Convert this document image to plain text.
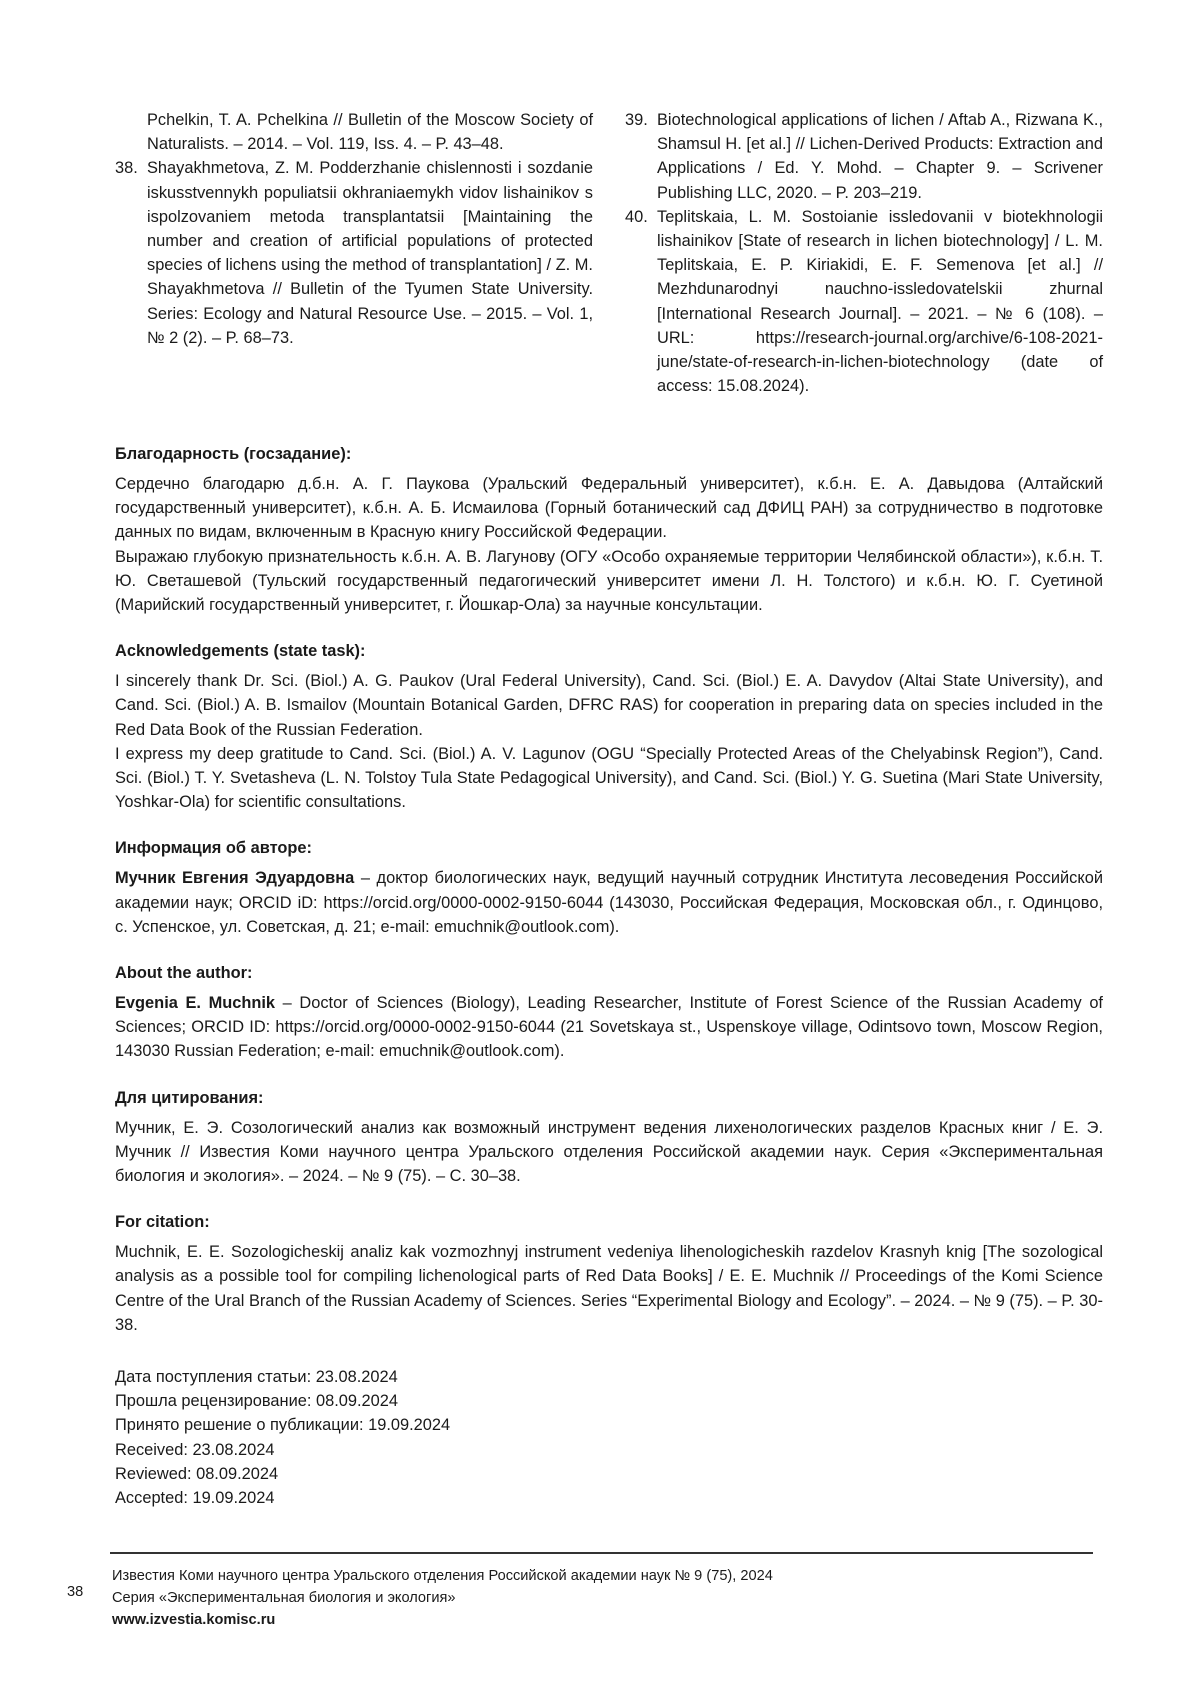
Pchelkin, T. A. Pchelkina // Bulletin of the Moscow Society of Naturalists. – 2014. – Vol. 119, Iss. 4. – P. 43–48.

38. Shayakhmetova, Z. M. Podderzhanie chislennosti i sozdanie iskusstvennykh populiatsii okhraniaemykh vidov lishainikov s ispolzovaniem metoda transplantatsii [Maintaining the number and creation of artificial populations of protected species of lichens using the method of transplantation] / Z. M. Shayakhmetova // Bulletin of the Tyumen State University. Series: Ecology and Natural Resource Use. – 2015. – Vol. 1, № 2 (2). – P. 68–73.

39. Biotechnological applications of lichen / Aftab A., Rizwana K., Shamsul H. [et al.] // Lichen-Derived Products: Extraction and Applications / Ed. Y. Mohd. – Chapter 9. – Scrivener Publishing LLC, 2020. – P. 203–219.

40. Teplitskaia, L. M. Sostoianie issledovanii v biotekhnologii lishainikov [State of research in lichen biotechnology] / L. M. Teplitskaia, E. P. Kiriakidi, E. F. Semenova [et al.] // Mezhdunarodnyi nauchno-issledovatelskii zhurnal [International Research Journal]. – 2021. – № 6 (108). – URL: https://research-journal.org/archive/6-108-2021-june/state-of-research-in-lichen-biotechnology (date of access: 15.08.2024).

Благодарность (госзадание):

Сердечно благодарю д.б.н. А. Г. Паукова (Уральский Федеральный университет), к.б.н. Е. А. Давыдова (Алтайский государственный университет), к.б.н. А. Б. Исмаилова (Горный ботанический сад ДФИЦ РАН) за сотрудничество в подготовке данных по видам, включенным в Красную книгу Российской Федерации.

Выражаю глубокую признательность к.б.н. А. В. Лагунову (ОГУ «Особо охраняемые территории Челябинской области»), к.б.н. Т. Ю. Светашевой (Тульский государственный педагогический университет имени Л. Н. Толстого) и к.б.н. Ю. Г. Суетиной (Марийский государственный университет, г. Йошкар-Ола) за научные консультации.

Acknowledgements (state task):

I sincerely thank Dr. Sci. (Biol.) A. G. Paukov (Ural Federal University), Cand. Sci. (Biol.) E. A. Davydov (Altai State University), and Cand. Sci. (Biol.) A. B. Ismailov (Mountain Botanical Garden, DFRC RAS) for cooperation in preparing data on species included in the Red Data Book of the Russian Federation.

I express my deep gratitude to Cand. Sci. (Biol.) A. V. Lagunov (OGU “Specially Protected Areas of the Chelyabinsk Region”), Cand. Sci. (Biol.) T. Y. Svetasheva (L. N. Tolstoy Tula State Pedagogical University), and Cand. Sci. (Biol.) Y. G. Suetina (Mari State University, Yoshkar-Ola) for scientific consultations.

Информация об авторе:

Мучник Евгения Эдуардовна – доктор биологических наук, ведущий научный сотрудник Института лесоведения Российской академии наук; ORCID iD: https://orcid.org/0000-0002-9150-6044 (143030, Российская Федерация, Московская обл., г. Одинцово, с. Успенское, ул. Советская, д. 21; e-mail: emuchnik@outlook.com).

About the author:

Evgenia E. Muchnik – Doctor of Sciences (Biology), Leading Researcher, Institute of Forest Science of the Russian Academy of Sciences; ORCID ID: https://orcid.org/0000-0002-9150-6044 (21 Sovetskaya st., Uspenskoye village, Odintsovo town, Moscow Region, 143030 Russian Federation; e-mail: emuchnik@outlook.com).

Для цитирования:

Мучник, Е. Э. Созологический анализ как возможный инструмент ведения лихенологических разделов Красных книг / Е. Э. Мучник // Известия Коми научного центра Уральского отделения Российской академии наук. Серия «Экспериментальная биология и экология». – 2024. – № 9 (75). – С. 30–38.

For citation:

Muchnik, E. E. Sozologicheskij analiz kak vozmozhnyj instrument vedeniya lihenologicheskih razdelov Krasnyh knig [The sozological analysis as a possible tool for compiling lichenological parts of Red Data Books] / E. E. Muchnik // Proceedings of the Komi Science Centre of the Ural Branch of the Russian Academy of Sciences. Series “Experimental Biology and Ecology”. – 2024. – № 9 (75). – P. 30-38.

Дата поступления статьи: 23.08.2024
Прошла рецензирование: 08.09.2024
Принято решение о публикации: 19.09.2024
Received: 23.08.2024
Reviewed: 08.09.2024
Accepted: 19.09.2024
38
Известия Коми научного центра Уральского отделения Российской академии наук № 9 (75), 2024
Серия «Экспериментальная биология и экология»
www.izvestia.komisc.ru
